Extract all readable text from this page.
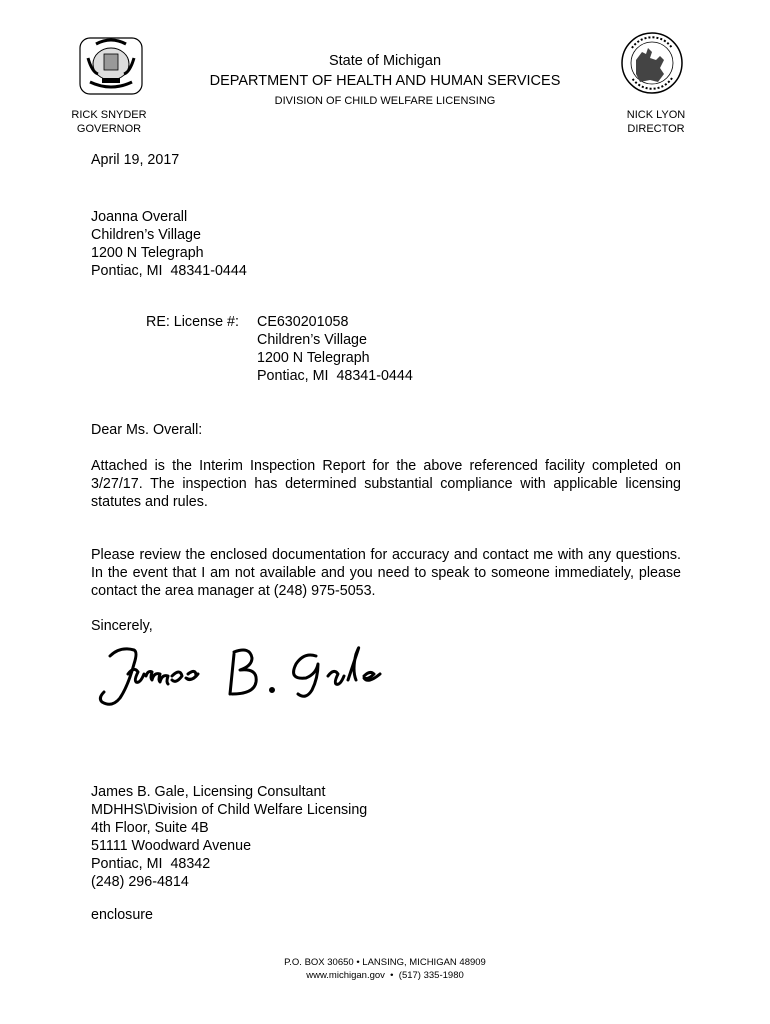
State of Michigan
DEPARTMENT OF HEALTH AND HUMAN SERVICES
DIVISION OF CHILD WELFARE LICENSING
RICK SNYDER
GOVERNOR
NICK LYON
DIRECTOR
April 19, 2017
Joanna Overall
Children’s Village
1200 N Telegraph
Pontiac, MI  48341-0444
RE: License #: CE630201058
Children’s Village
1200 N Telegraph
Pontiac, MI  48341-0444
Dear Ms. Overall:
Attached is the Interim Inspection Report for the above referenced facility completed on 3/27/17. The inspection has determined substantial compliance with applicable licensing statutes and rules.
Please review the enclosed documentation for accuracy and contact me with any questions. In the event that I am not available and you need to speak to someone immediately, please contact the area manager at (248) 975-5053.
Sincerely,
James B. Gale, Licensing Consultant
MDHHS\Division of Child Welfare Licensing
4th Floor, Suite 4B
51111 Woodward Avenue
Pontiac, MI  48342
(248) 296-4814
enclosure
P.O. BOX 30650 • LANSING, MICHIGAN 48909
www.michigan.gov  •  (517) 335-1980
